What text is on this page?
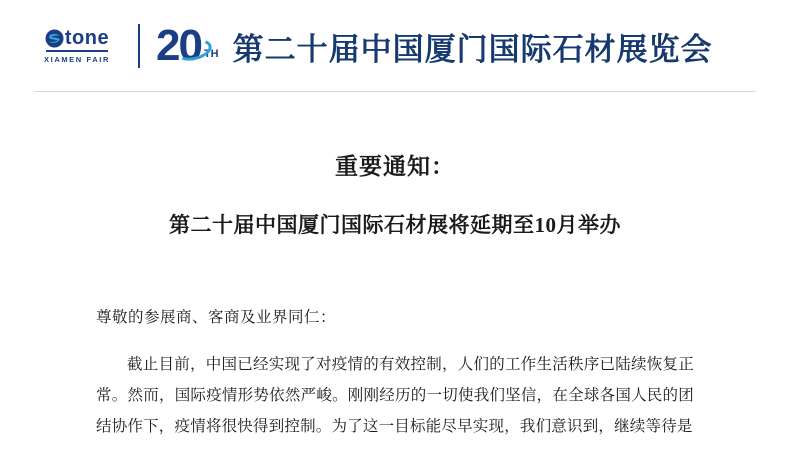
tone
XIAMEN FAIR 20 TH 第二十届中国厦门国际石材展览会
重要通知：
第二十届中国厦门国际石材展将延期至10月举办
尊敬的参展商、客商及业界同仁：
截止目前，中国已经实现了对疫情的有效控制，人们的工作生活秩序已陆续恢复正常。然而，国际疫情形势依然严峻。刚刚经历的一切使我们坚信，在全球各国人民的团结协作下，疫情将很快得到控制。为了这一目标能尽早实现，我们意识到，继续等待是
